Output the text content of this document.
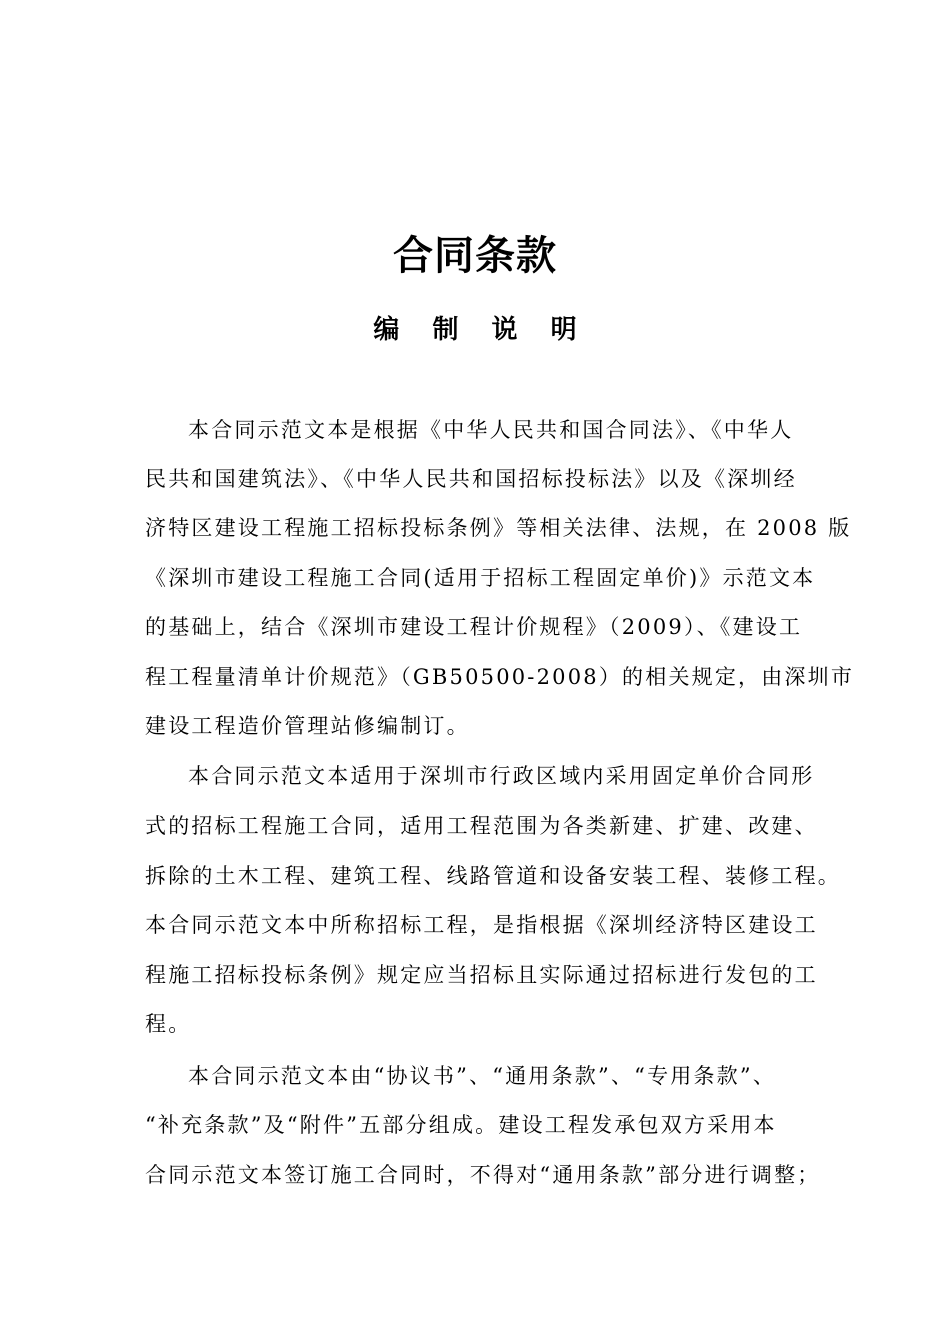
合同条款
编 制 说 明
本合同示范文本是根据《中华人民共和国合同法》、《中华人
民共和国建筑法》、《中华人民共和国招标投标法》以及《深圳经
济特区建设工程施工招标投标条例》等相关法律、法规，在 2008 版
《深圳市建设工程施工合同(适用于招标工程固定单价)》示范文本
的基础上，结合《深圳市建设工程计价规程》（2009）、《建设工
程工程量清单计价规范》（GB50500-2008）的相关规定，由深圳市
建设工程造价管理站修编制订。
本合同示范文本适用于深圳市行政区域内采用固定单价合同形
式的招标工程施工合同，适用工程范围为各类新建、扩建、改建、
拆除的土木工程、建筑工程、线路管道和设备安装工程、装修工程。
本合同示范文本中所称招标工程，是指根据《深圳经济特区建设工
程施工招标投标条例》规定应当招标且实际通过招标进行发包的工
程。
本合同示范文本由“协议书”、“通用条款”、“专用条款”、
“补充条款”及“附件”五部分组成。建设工程发承包双方采用本
合同示范文本签订施工合同时，不得对“通用条款”部分进行调整；
